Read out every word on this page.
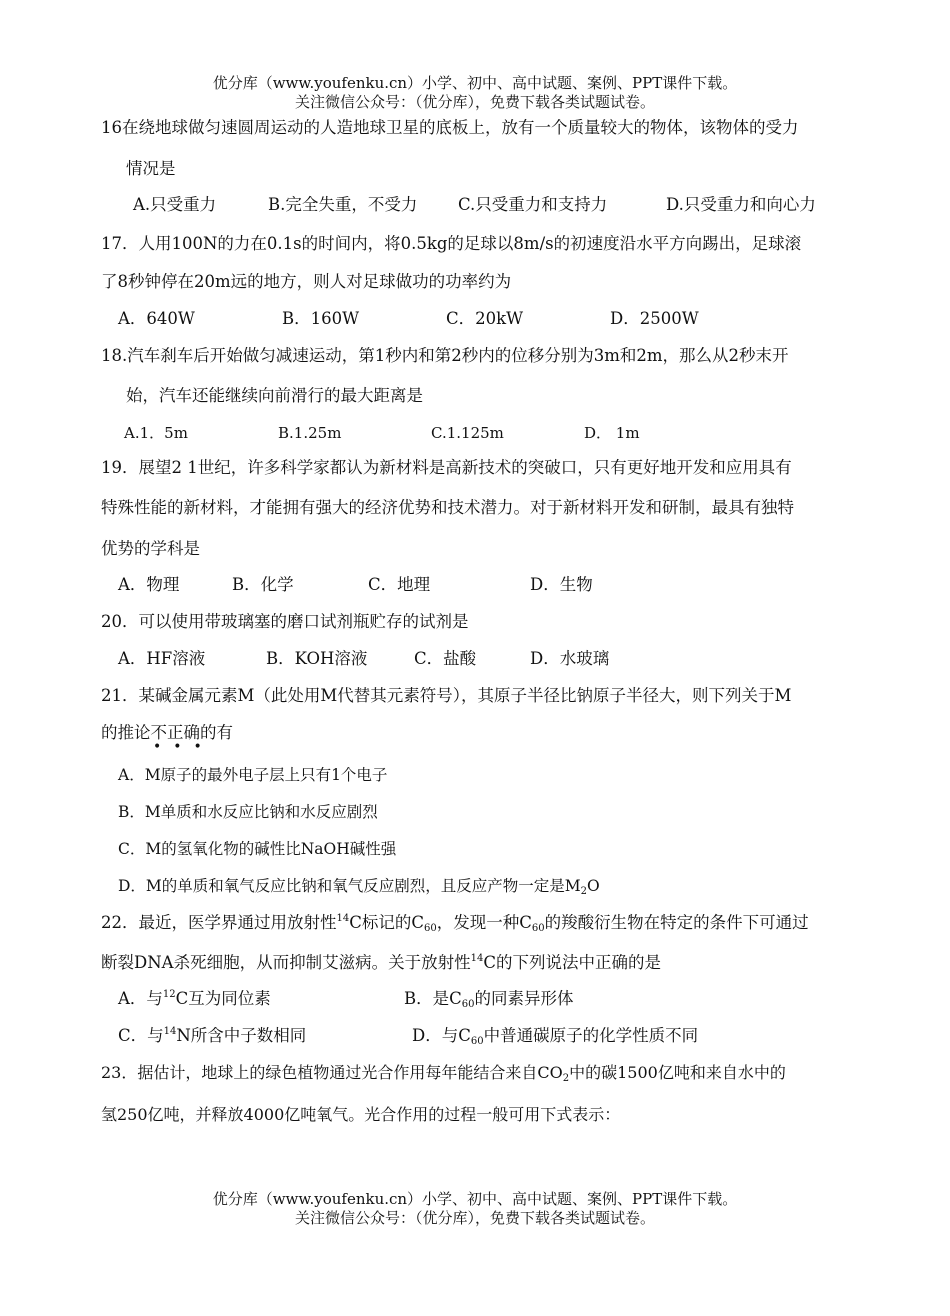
优分库（www.youfenku.cn）小学、初中、高中试题、案例、PPT课件下载。
关注微信公众号：（优分库），免费下载各类试题试卷。
16在绕地球做匀速圆周运动的人造地球卫星的底板上，放有一个质量较大的物体，该物体的受力
情况是
A.只受重力	B.完全失重，不受力 C.只受重力和支持力	D.只受重力和向心力
17．人用100N的力在0.1s的时间内，将0.5kg的足球以8m/s的初速度沿水平方向踢出，足球滚
了8秒钟停在20m远的地方，则人对足球做功的功率约为
A．640W	B．160W	C．20kW	D．2500W
18.汽车刹车后开始做匀减速运动，第1秒内和第2秒内的位移分别为3m和2m，那么从2秒末开
始，汽车还能继续向前滑行的最大距离是
A.1．5m	B.1.25m	C.1.125m	D． 1m
19．展望2 1世纪，许多科学家都认为新材料是高新技术的突破口，只有更好地开发和应用具有
特殊性能的新材料，才能拥有强大的经济优势和技术潜力。对于新材料开发和研制，最具有独特
优势的学科是
A．物理	B．化学	C．地理	D．生物
20．可以使用带玻璃塞的磨口试剂瓶贮存的试剂是
A．HF溶液	B．KOH溶液	C．盐酸	D．水玻璃
21．某碱金属元素M（此处用M代替其元素符号），其原子半径比钠原子半径大，则下列关于M
的推论不正确的有
•••
A．M原子的最外电子层上只有1个电子
B．M单质和水反应比钠和水反应剧烈
C．M的氢氧化物的碱性比NaOH碱性强
D．M的单质和氧气反应比钠和氧气反应剧烈，且反应产物一定是$M_2O$
22．最近，医学界通过用放射性$^{14}$C标记的$C_{60}$，发现一种$C_{60}$的羧酸衍生物在特定的条件下可通过
断裂DNA杀死细胞，从而抑制艾滋病。关于放射性$^{14}$C的下列说法中正确的是
A．与$^{12}$C互为同位素	B．是$C_{60}$的同素异形体
C．与$^{14}$N所含中子数相同	D．与$C_{60}$中普通碳原子的化学性质不同
23．据估计，地球上的绿色植物通过光合作用每年能结合来自$CO_2$中的碳1500亿吨和来自水中的
氢250亿吨，并释放4000亿吨氧气。光合作用的过程一般可用下式表示：
优分库（www.youfenku.cn）小学、初中、高中试题、案例、PPT课件下载。
关注微信公众号：（优分库），免费下载各类试题试卷。
